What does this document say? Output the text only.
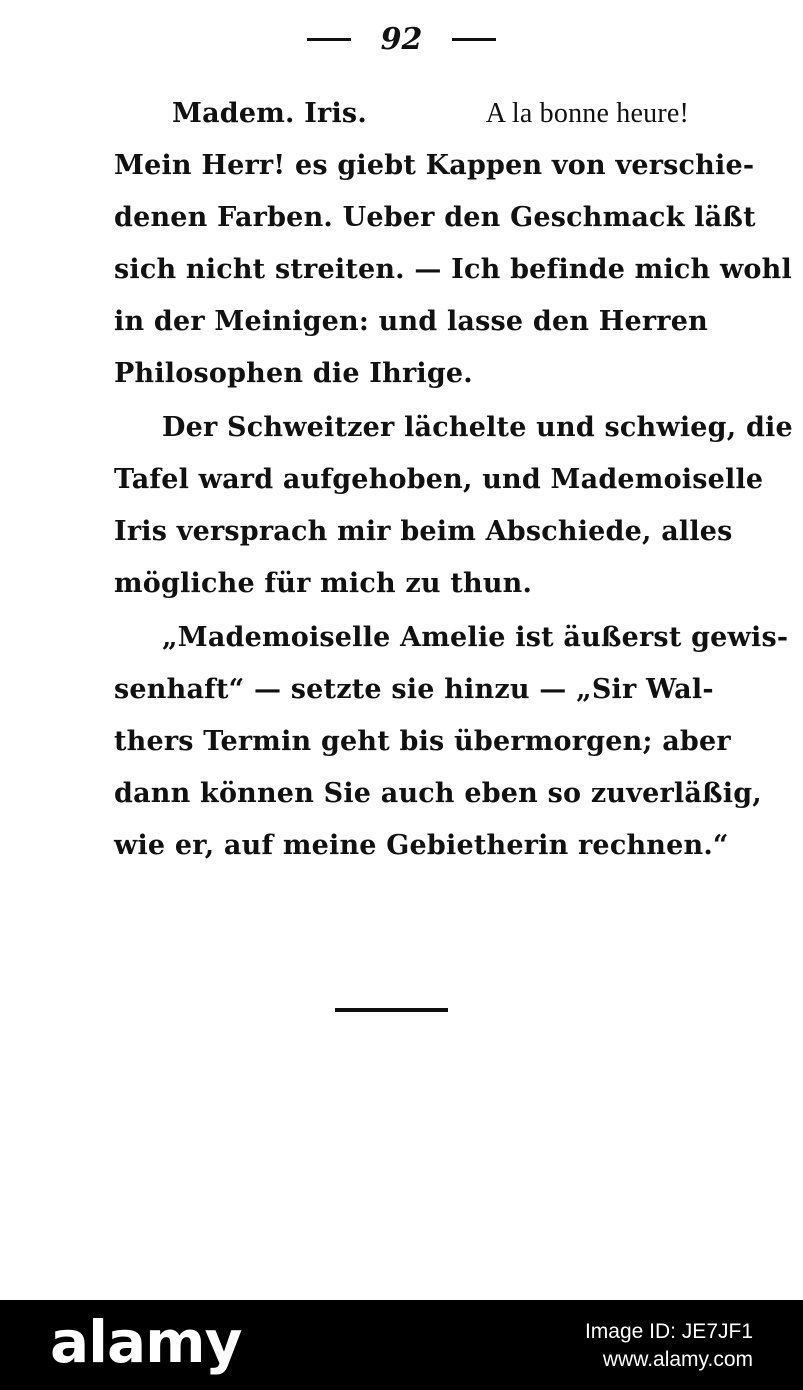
92
Madem. Iris.	A la bonne heure!
Mein Herr! es giebt Kappen von verschie-
denen Farben. Ueber den Geschmack läßt
sich nicht streiten. — Ich befinde mich wohl
in der Meinigen: und lasse den Herren
Philosophen die Ihrige.
Der Schweitzer lächelte und schwieg, die
Tafel ward aufgehoben, und Mademoiselle
Iris versprach mir beim Abschiede, alles
mögliche für mich zu thun.
„Mademoiselle Amelie ist äußerst gewis-
senhaft“ — setzte sie hinzu — „Sir Wal-
thers Termin geht bis übermorgen; aber
dann können Sie auch eben so zuverläßig,
wie er, auf meine Gebietherin rechnen.“
alamy	Image ID: JE7JF1
www.alamy.com
